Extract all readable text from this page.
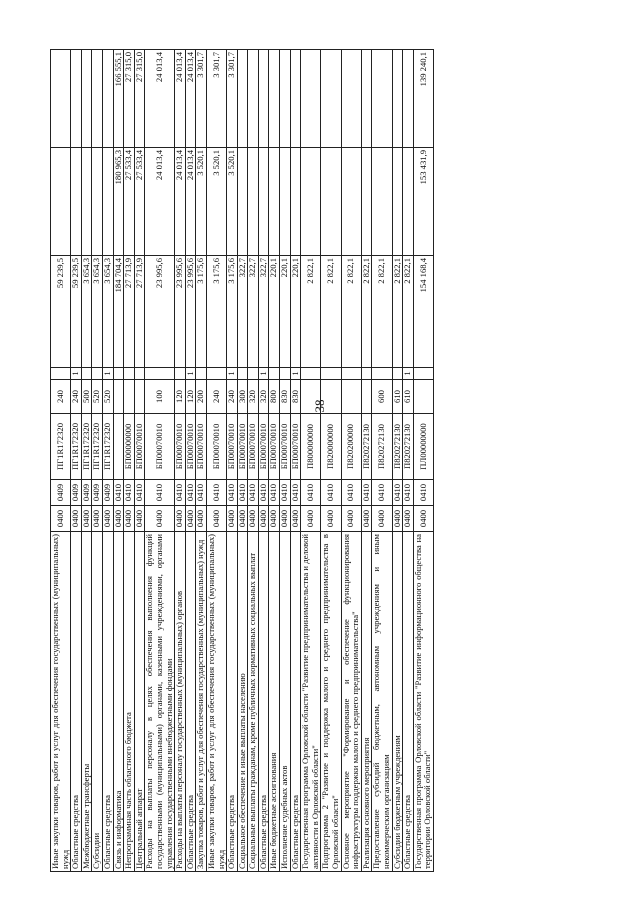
38
Иные закупки товаров, работ и услуг для обеспечения государственных (муниципальных) нужд	0400	0409	ПГ1R172320	240		59 239,5		
Областные средства	0400	0409	ПГ1R172320	240	1	59 239,5		
Межбюджетные трансферты	0400	0409	ПГ1R172320	500		3 654,3		
Субсидии	0400	0409	ПГ1R172320	520		3 654,3		
Областные средства	0400	0409	ПГ1R172320	520	1	3 654,3		
Связь и информатика	0400	0410				184 704,4	180 965,3	166 555,1
Непрограммная часть областного бюджета	0400	0410	БП00000000			27 713,9	27 533,4	27 315,0
Центральный аппарат	0400	0410	БП00070010			27 713,9	27 533,4	27 315,0
Расходы на выплаты персоналу в целях обеспечения выполнения функций государственными (муниципальными) органами, казенными учреждениями, органами управления государственными внебюджетными фондами	0400	0410	БП00070010	100		23 995,6	24 013,4	24 013,4
Расходы на выплаты персоналу государственных (муниципальных) органов	0400	0410	БП00070010	120		23 995,6	24 013,4	24 013,4
Областные средства	0400	0410	БП00070010	120	1	23 995,6	24 013,4	24 013,4
Закупка товаров, работ и услуг для обеспечения государственных (муниципальных) нужд	0400	0410	БП00070010	200		3 175,6	3 520,1	3 301,7
Иные закупки товаров, работ и услуг для обеспечения государственных (муниципальных) нужд	0400	0410	БП00070010	240		3 175,6	3 520,1	3 301,7
Областные средства	0400	0410	БП00070010	240	1	3 175,6	3 520,1	3 301,7
Социальное обеспечение и иные выплаты населению	0400	0410	БП00070010	300		322,7		
Социальные выплаты гражданам, кроме публичных нормативных социальных выплат	0400	0410	БП00070010	320		322,7		
Областные средства	0400	0410	БП00070010	320	1	322,7		
Иные бюджетные ассигнования	0400	0410	БП00070010	800		220,1		
Исполнение судебных актов	0400	0410	БП00070010	830		220,1		
Областные средства	0400	0410	БП00070010	830	1	220,1		
Государственная программа Орловской области "Развитие предпринимательства и деловой активности в Орловской области"	0400	0410	П800000000			2 822,1		
Подпрограмма 2 "Развитие и поддержка малого и среднего предпринимательства в Орловской области"	0400	0410	П820000000			2 822,1		
Основное мероприятие "Формирование и обеспечение функционирования инфраструктуры поддержки малого и среднего предпринимательства"	0400	0410	П820200000			2 822,1		
Реализация основного мероприятия	0400	0410	П820272130			2 822,1		
Предоставление субсидий бюджетным, автономным учреждениям и иным некоммерческим организациям	0400	0410	П820272130	600		2 822,1		
Субсидии бюджетным учреждениям	0400	0410	П820272130	610		2 822,1		
Областные средства	0400	0410	П820272130	610	1	2 822,1		
Государственная программа Орловской области "Развитие информационного общества на территории Орловской области"	0400	0410	ПЛ00000000			154 168,4	153 431,9	139 240,1
